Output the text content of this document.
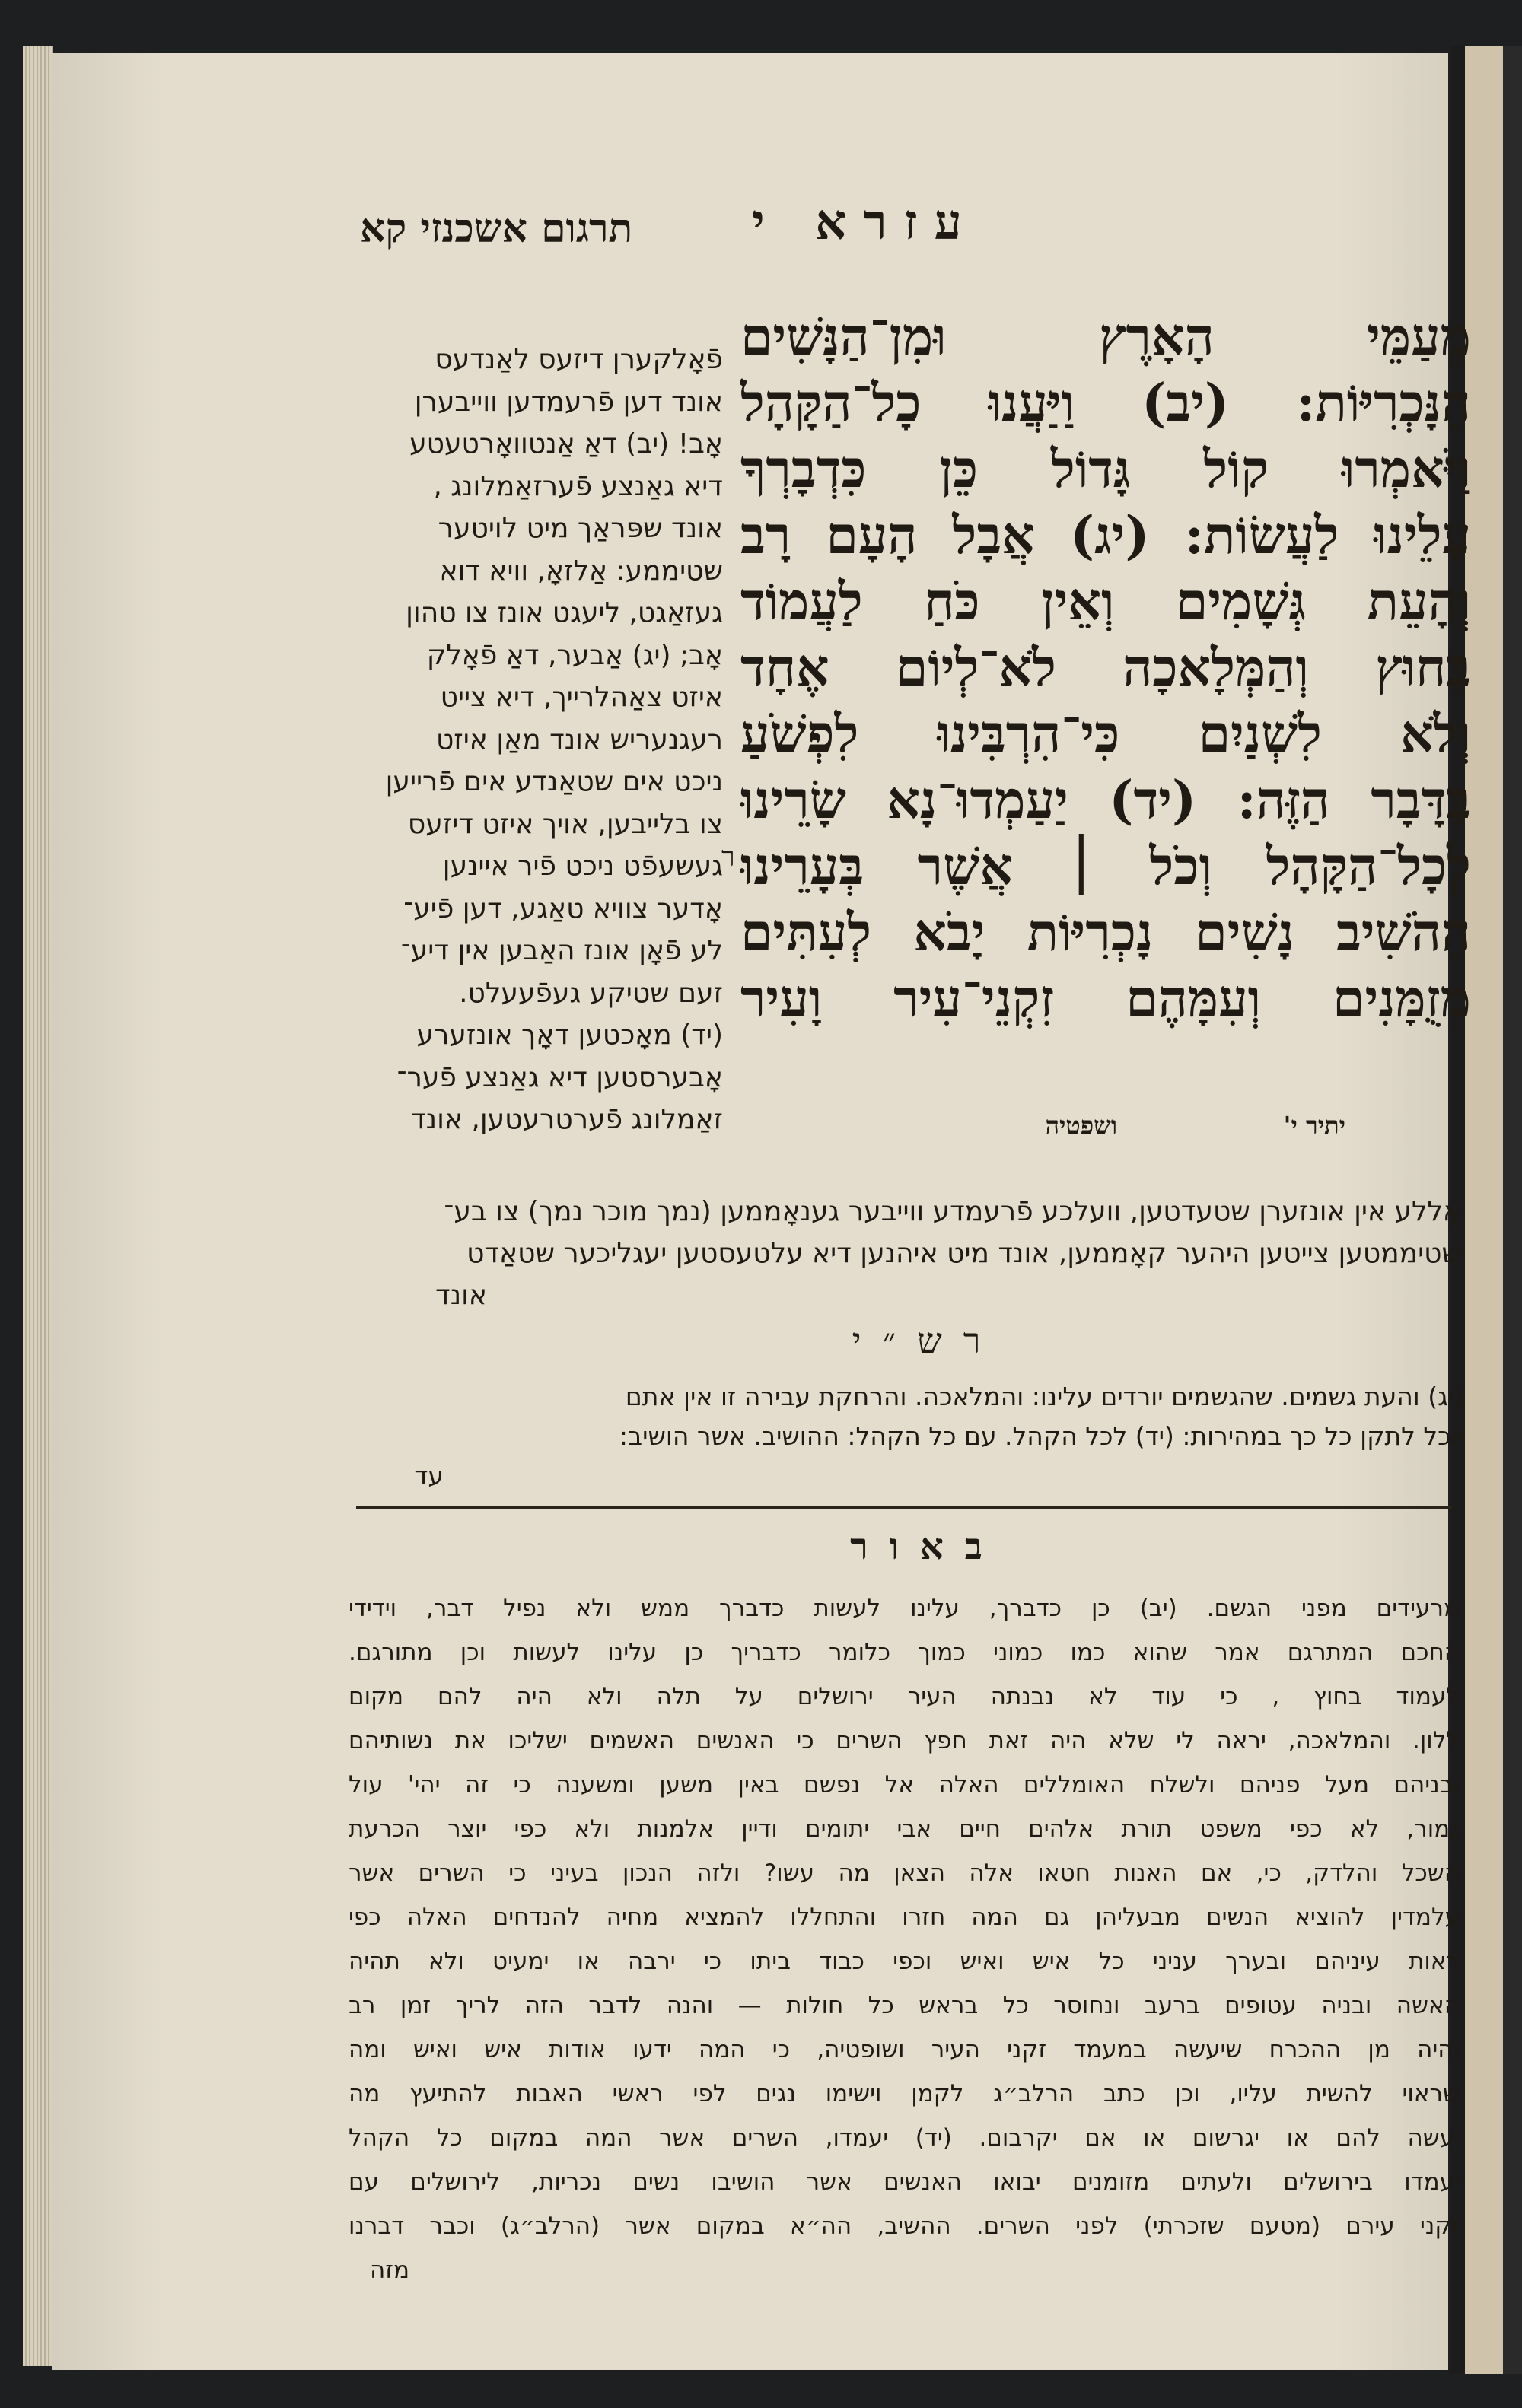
עזרא י
תרגום אשכנזי קא
מֵעַמֵּי הָאָרֶץ וּמִן־הַנָּשִׁים
הַנָּכְרִיּוֹת: (יב) וַיַּעֲנוּ כָל־הַקָּהָל
וַיֹּאמְרוּ קוֹל גָּדוֹל כֵּן כִּדְבָרְךָ
עָלֵינוּ לַעֲשׂוֹת: (יג) אֲבָל הָעָם רָב
וְהָעֵת גְּשָׁמִים וְאֵין כֹּחַ לַעֲמוֹד
בַּחוּץ וְהַמְּלָאכָה לֹא־לְיוֹם אֶחָד
וְלֹא לִשְׁנַיִם כִּי־הִרְבִּינוּ לִפְשֹׁעַ
בַּדָּבָר הַזֶּה: (יד) יַעַמְדוּ־נָא שָׂרֵינוּ
לְכָל־הַקָּהָל וְכֹל ׀ אֲשֶׁר בְּעָרֵינוּ
הַהֹשִׁיב נָשִׁים נָכְרִיּוֹת יָבֹא לְעִתִּים
מְזֻמָּנִים וְעִמָּהֶם זִקְנֵי־עִיר וָעִיר
ר
יתיר י'
ושפטיה
פֿאָלקערן דיזעס לאַנדעס
אונד דען פֿרעמדען ווייבערן
אָב! (יב) דאַ אַנטוואָרטעטע
דיא גאַנצע פֿערזאַמלונג ,
אונד שפּראַך מיט לויטער
שטיממע: אַלזאָ, וויא דוא
געזאַגט, ליעגט אונז צו טהון
אָב; (יג) אַבער, דאַ פֿאָלק
איזט צאַהלרייך, דיא צייט
רעגנעריש אונד מאַן איזט
ניכט אים שטאַנדע אים פֿרייען
צו בלייבען, אויך איזט דיזעס
געשעפֿט ניכט פֿיר איינען
אָדער צוויא טאַגע, דען פֿיע־
לע פֿאָן אונז האַבען אין דיע־
זעם שטיקע געפֿעעלט.
(יד) מאָכטען דאָך אונזערע
אָבערסטען דיא גאַנצע פֿער־
זאַמלונג פֿערטרעטען, אונד
אַללע אין אונזערן שטעדטען, וועלכע פֿרעמדע ווייבער גענאָממען (נמך מוכר נמך) צו בע־
שטיממטען צייטען היהער קאָממען, אונד מיט איהנען דיא עלטעסטען יעגליכער שטאַדט
אונד
רש״י
(יג) והעת גשמים. שהגשמים יורדים עלינו: והמלאכה. והרחקת עבירה זו אין אתם
יוכל לתקן כל כך במהירות: (יד) לכל הקהל. עם כל הקהל: ההושיב. אשר הושיב:
עד
באור
מרעידים מפני הגשם. (יב) כן כדברך, עלינו לעשות כדברך ממש ולא נפיל דבר, וידידי
החכם המתרגם אמר שהוא כמו כמוני כמוך כלומר כדבריך כן עלינו לעשות וכן מתורגם.
לעמוד בחוץ , כי עוד לא נבנתה העיר ירושלים על תלה ולא היה להם מקום
ללון. והמלאכה, יראה לי שלא היה זאת חפץ השרים כי האנשים האשמים ישליכו את נשותיהם
ובניהם מעל פניהם ולשלח האומללים האלה אל נפשם באין משען ומשענה כי זה יהי' עול
גמור, לא כפי משפט תורת אלהים חיים אבי יתומים ודיין אלמנות ולא כפי יוצר הכרעת
השכל והלדק, כי, אם האנות חטאו אלה הצאן מה עשו? ולזה הנכון בעיני כי השרים אשר
עלמדין להוציא הנשים מבעליהן גם המה חזרו והתחללו להמציא מחיה להנדחים האלה כפי
ראות עיניהם ובערך עניני כל איש ואיש וכפי כבוד ביתו כי ירבה או ימעיט ולא תהיה
האשה ובניה עטופים ברעב ונחוסר כל בראש כל חולות — והנה לדבר הזה לריך זמן רב
והיה מן ההכרח שיעשה במעמד זקני העיר ושופטיה, כי המה ידעו אודות איש ואיש ומה
שראוי להשית עליו, וכן כתב הרלב״ג לקמן וישימו נגים לפי ראשי האבות להתיעץ מה
יעשה להם או יגרשום או אם יקרבום. (יד) יעמדו, השרים אשר המה במקום כל הקהל
יעמדו בירושלים ולעתים מזומנים יבואו האנשים אשר הושיבו נשים נכריות, לירושלים עם
זקני עירם (מטעם שזכרתי) לפני השרים. ההשיב, הה״א במקום אשר (הרלב״ג) וכבר דברנו
מזה
